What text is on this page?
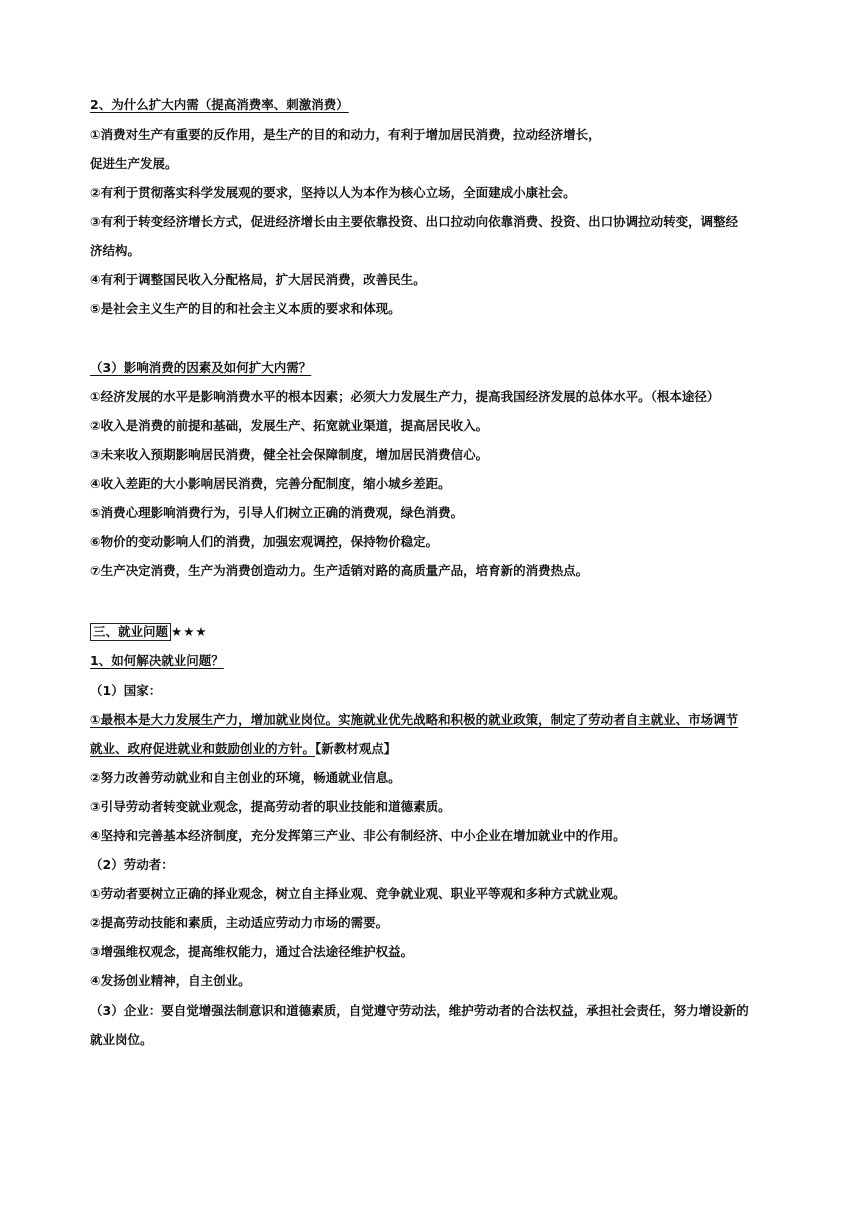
2、为什么扩大内需（提高消费率、刺激消费）
①消费对生产有重要的反作用，是生产的目的和动力，有利于增加居民消费，拉动经济增长，
促进生产发展。
②有利于贯彻落实科学发展观的要求，坚持以人为本作为核心立场，全面建成小康社会。
③有利于转变经济增长方式，促进经济增长由主要依靠投资、出口拉动向依靠消费、投资、出口协调拉动转变，调整经
济结构。
④有利于调整国民收入分配格局，扩大居民消费，改善民生。
⑤是社会主义生产的目的和社会主义本质的要求和体现。
（3）影响消费的因素及如何扩大内需？
①经济发展的水平是影响消费水平的根本因素；必须大力发展生产力，提高我国经济发展的总体水平。（根本途径）
②收入是消费的前提和基础，发展生产、拓宽就业渠道，提高居民收入。
③未来收入预期影响居民消费，健全社会保障制度，增加居民消费信心。
④收入差距的大小影响居民消费，完善分配制度，缩小城乡差距。
⑤消费心理影响消费行为，引导人们树立正确的消费观，绿色消费。
⑥物价的变动影响人们的消费，加强宏观调控，保持物价稳定。
⑦生产决定消费，生产为消费创造动力。生产适销对路的高质量产品，培育新的消费热点。
三、就业问题 ★★★
1、如何解决就业问题？
（1）国家：
①最根本是大力发展生产力，增加就业岗位。实施就业优先战略和积极的就业政策，制定了劳动者自主就业、市场调节
就业、政府促进就业和鼓励创业的方针。【新教材观点】
②努力改善劳动就业和自主创业的环境，畅通就业信息。
③引导劳动者转变就业观念，提高劳动者的职业技能和道德素质。
④坚持和完善基本经济制度，充分发挥第三产业、非公有制经济、中小企业在增加就业中的作用。
（2）劳动者：
①劳动者要树立正确的择业观念，树立自主择业观、竞争就业观、职业平等观和多种方式就业观。
②提高劳动技能和素质，主动适应劳动力市场的需要。
③增强维权观念，提高维权能力，通过合法途径维护权益。
④发扬创业精神，自主创业。
（3）企业：要自觉增强法制意识和道德素质，自觉遵守劳动法，维护劳动者的合法权益，承担社会责任，努力增设新的
就业岗位。
